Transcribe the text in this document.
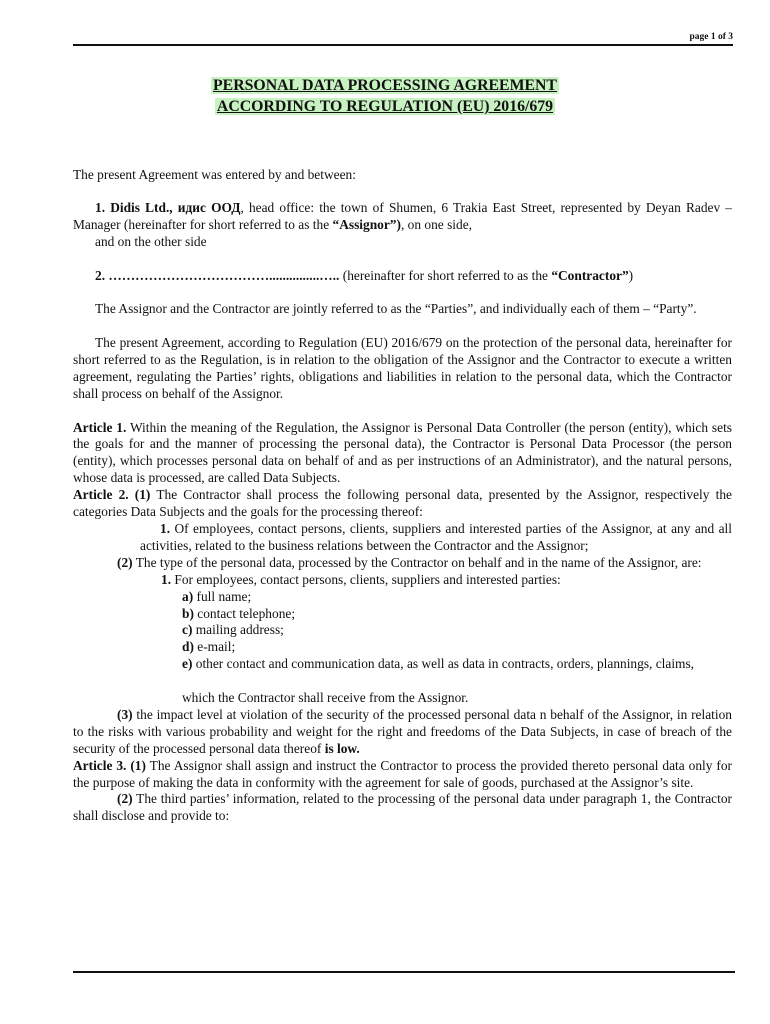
page 1 of 3
PERSONAL DATA PROCESSING AGREEMENT
ACCORDING TO REGULATION (EU) 2016/679

The present Agreement was entered by and between:

1. Didis Ltd., идис ООД, head office: the town of Shumen, 6 Trakia East Street, represented by Deyan Radev – Manager (hereinafter for short referred to as the “Assignor”), on one side,

and on the other side

2. ………………………………...............….. (hereinafter for short referred to as the “Contractor”)

The Assignor and the Contractor are jointly referred to as the “Parties”, and individually each of them – “Party”.

The present Agreement, according to Regulation (EU) 2016/679 on the protection of the personal data, hereinafter for short referred to as the Regulation, is in relation to the obligation of the Assignor and the Contractor to execute a written agreement, regulating the Parties’ rights, obligations and liabilities in relation to the personal data, which the Contractor shall process on behalf of the Assignor.

Article 1. Within the meaning of the Regulation, the Assignor is Personal Data Controller (the person (entity), which sets the goals for and the manner of processing the personal data), the Contractor is Personal Data Processor (the person (entity), which processes personal data on behalf of and as per instructions of an Administrator), and the natural persons, whose data is processed, are called Data Subjects.

Article 2. (1) The Contractor shall process the following personal data, presented by the Assignor, respectively the categories Data Subjects and the goals for the processing thereof:

1. Of employees, contact persons, clients, suppliers and interested parties of the Assignor, at any and all activities, related to the business relations between the Contractor and the Assignor;

(2) The type of the personal data, processed by the Contractor on behalf and in the name of the Assignor, are:

1. For employees, contact persons, clients, suppliers and interested parties:

a) full name;

b) contact telephone;

c) mailing address;

d) e-mail;

e) other contact and communication data, as well as data in contracts, orders, plannings, claims,

which the Contractor shall receive from the Assignor.

(3) the impact level at violation of the security of the processed personal data n behalf of the Assignor, in relation to the risks with various probability and weight for the right and freedoms of the Data Subjects, in case of breach of the security of the processed personal data thereof is low.

Article 3. (1) The Assignor shall assign and instruct the Contractor to process the provided thereto personal data only for the purpose of making the data in conformity with the agreement for sale of goods, purchased at the Assignor’s site.

(2) The third parties’ information, related to the processing of the personal data under paragraph 1, the Contractor shall disclose and provide to:
